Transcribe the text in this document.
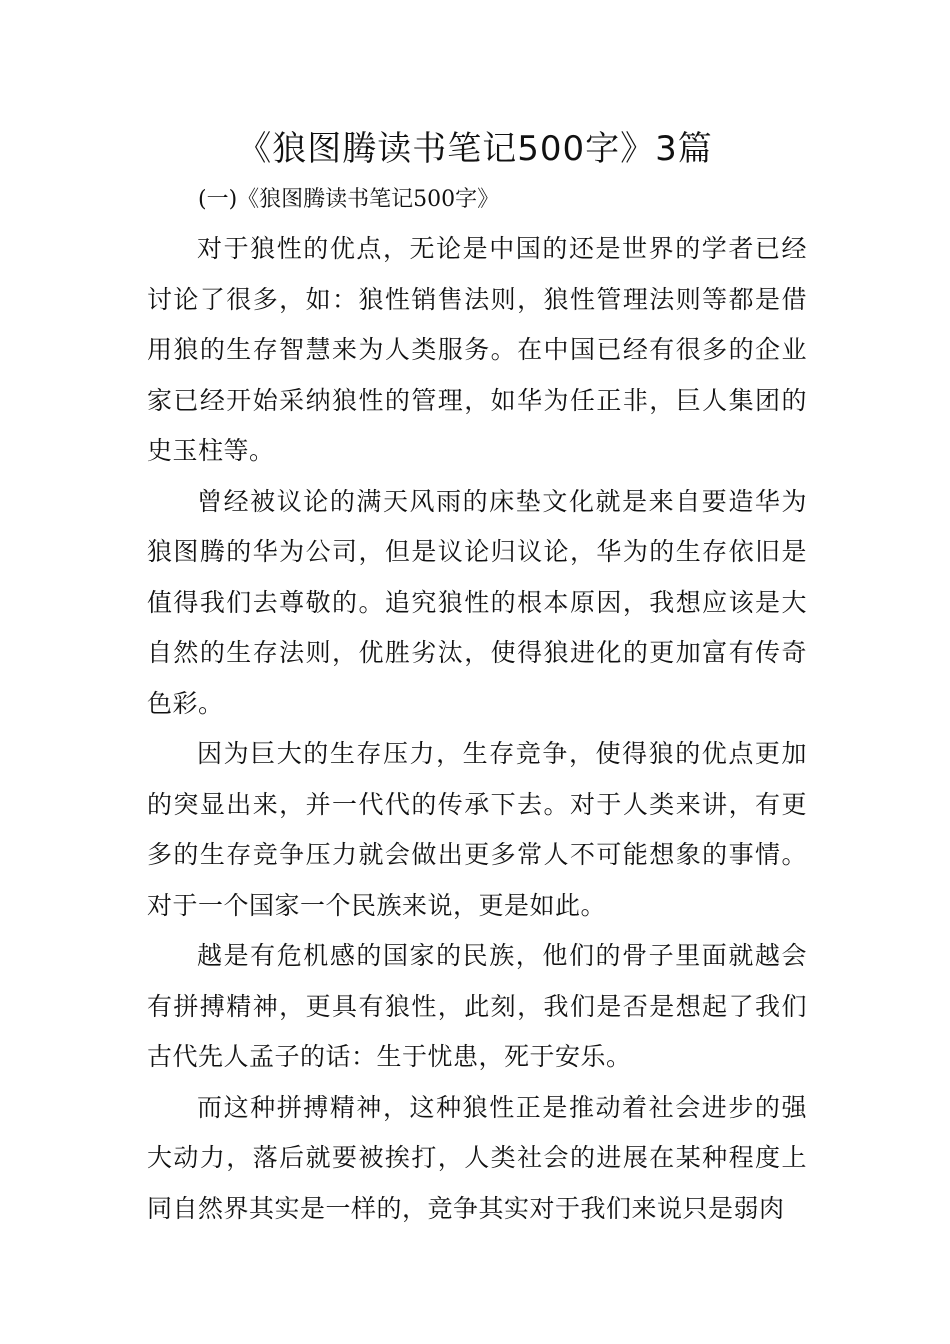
《狼图腾读书笔记500字》3篇
(一)《狼图腾读书笔记500字》

对于狼性的优点，无论是中国的还是世界的学者已经讨论了很多，如：狼性销售法则，狼性管理法则等都是借用狼的生存智慧来为人类服务。在中国已经有很多的企业家已经开始采纳狼性的管理，如华为任正非，巨人集团的史玉柱等。

曾经被议论的满天风雨的床垫文化就是来自要造华为狼图腾的华为公司，但是议论归议论，华为的生存依旧是值得我们去尊敬的。追究狼性的根本原因，我想应该是大自然的生存法则，优胜劣汰，使得狼进化的更加富有传奇色彩。

因为巨大的生存压力，生存竞争，使得狼的优点更加的突显出来，并一代代的传承下去。对于人类来讲，有更多的生存竞争压力就会做出更多常人不可能想象的事情。对于一个国家一个民族来说，更是如此。

越是有危机感的国家的民族，他们的骨子里面就越会有拼搏精神，更具有狼性，此刻，我们是否是想起了我们古代先人孟子的话：生于忧患，死于安乐。

而这种拼搏精神，这种狼性正是推动着社会进步的强大动力，落后就要被挨打，人类社会的进展在某种程度上同自然界其实是一样的，竞争其实对于我们来说只是弱肉
